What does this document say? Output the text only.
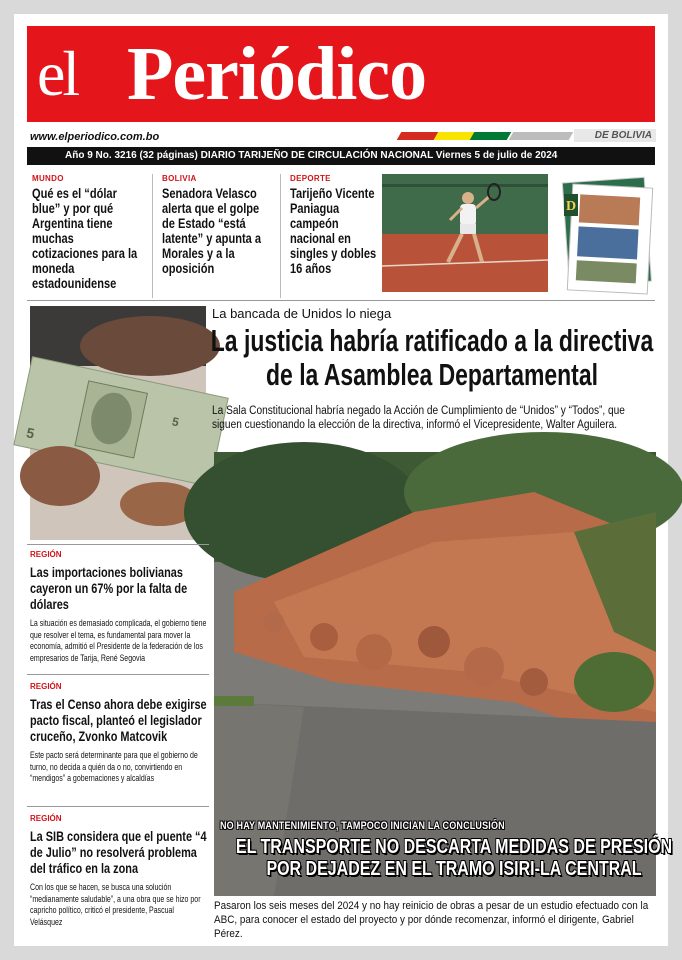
el Periódico
www.elperiodico.com.bo	DE BOLIVIA
Año 9 No. 3216 (32 páginas) DIARIO TARIJEÑO DE CIRCULACIÓN NACIONAL Viernes 5 de julio de 2024
MUNDO
Qué es el “dólar blue” y por qué Argentina tiene muchas cotizaciones para la moneda estadounidense
BOLIVIA
Senadora Velasco alerta que el golpe de Estado “está latente” y apunta a Morales y a la oposición
DEPORTE
Tarijeño Vicente Paniagua campeón nacional en singles y dobles 16 años
D
5
5
La bancada de Unidos lo niega
La justicia habría ratificado a la directiva de la Asamblea Departamental
La Sala Constitucional habría negado la Acción de Cumplimiento de “Unidos” y “Todos”, que siguen cuestionando la elección de la directiva, informó el Vicepresidente, Walter Aguilera.
NO HAY MANTENIMIENTO, TAMPOCO INICIAN LA CONCLUSIÓN
EL TRANSPORTE NO DESCARTA MEDIDAS DE PRESIÓN POR DEJADEZ EN EL TRAMO ISIRI-LA CENTRAL
Pasaron los seis meses del 2024 y no hay reinicio de obras a pesar de un estudio efectuado con la ABC, para conocer el estado del proyecto y por dónde recomenzar, informó el dirigente, Gabriel Pérez.
REGIÓN
Las importaciones bolivianas cayeron un 67% por la falta de dólares
La situación es demasiado complicada, el gobierno tiene que resolver el tema, es fundamental para mover la economía, admitió el Presidente de la federación de los empresarios de Tarija, René Segovia
REGIÓN
Tras el Censo ahora debe exigirse pacto fiscal, planteó el legislador cruceño, Zvonko Matcovik
Este pacto será determinante para que el gobierno de turno, no decida a quién da o no, convirtiendo en “mendigos” a gobernaciones y alcaldías
REGIÓN
La SIB considera que el puente “4 de Julio” no resolverá problema del tráfico en la zona
Con los que se hacen, se busca una solución “medianamente saludable”, a una obra que se hizo por capricho político, criticó el presidente, Pascual Velásquez
